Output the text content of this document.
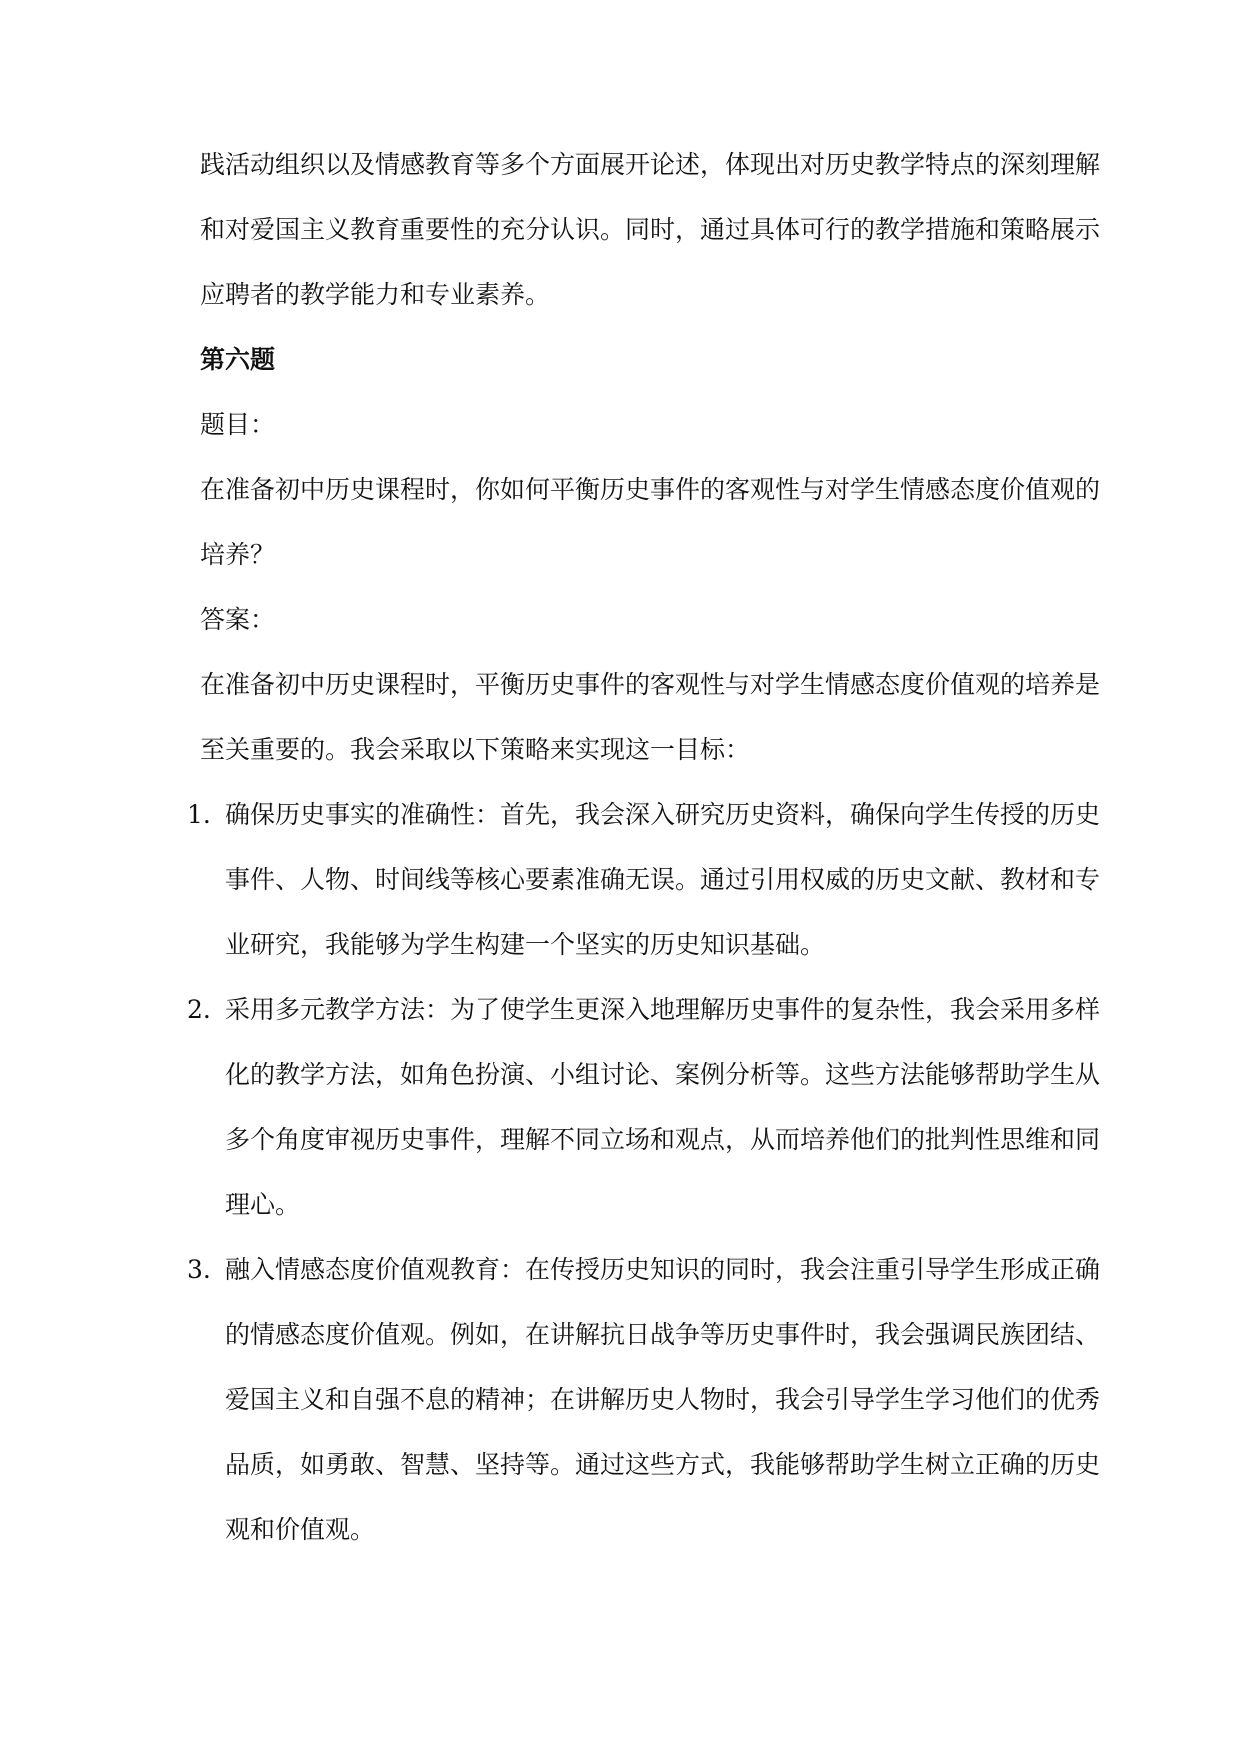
践活动组织以及情感教育等多个方面展开论述，体现出对历史教学特点的深刻理解
和对爱国主义教育重要性的充分认识。同时，通过具体可行的教学措施和策略展示
应聘者的教学能力和专业素养。
第六题
题目：
在准备初中历史课程时，你如何平衡历史事件的客观性与对学生情感态度价值观的
培养？
答案：
在准备初中历史课程时，平衡历史事件的客观性与对学生情感态度价值观的培养是
至关重要的。我会采取以下策略来实现这一目标：
1. 确保历史事实的准确性：首先，我会深入研究历史资料，确保向学生传授的历史
事件、人物、时间线等核心要素准确无误。通过引用权威的历史文献、教材和专
业研究，我能够为学生构建一个坚实的历史知识基础。
2. 采用多元教学方法：为了使学生更深入地理解历史事件的复杂性，我会采用多样
化的教学方法，如角色扮演、小组讨论、案例分析等。这些方法能够帮助学生从
多个角度审视历史事件，理解不同立场和观点，从而培养他们的批判性思维和同
理心。
3. 融入情感态度价值观教育：在传授历史知识的同时，我会注重引导学生形成正确
的情感态度价值观。例如，在讲解抗日战争等历史事件时，我会强调民族团结、
爱国主义和自强不息的精神；在讲解历史人物时，我会引导学生学习他们的优秀
品质，如勇敢、智慧、坚持等。通过这些方式，我能够帮助学生树立正确的历史
观和价值观。
